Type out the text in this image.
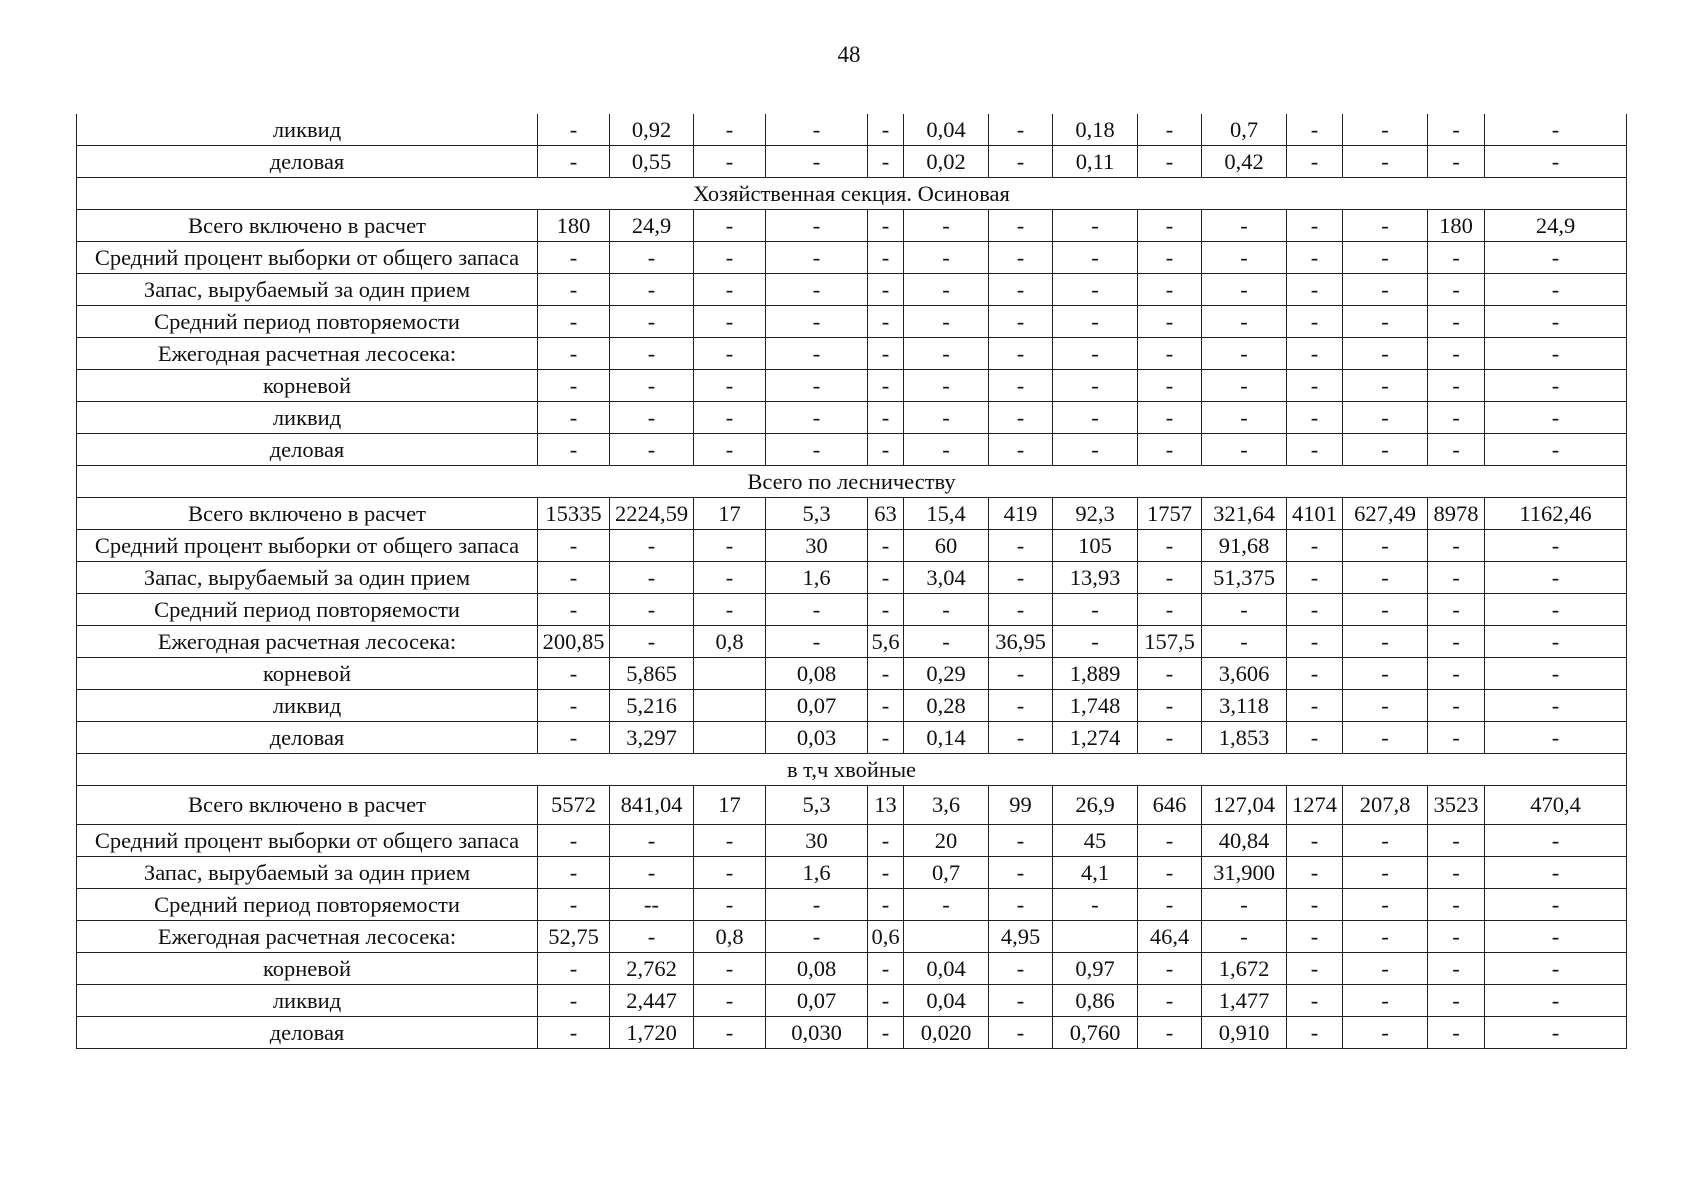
48
ликвид	-	0,92	-	-	-	0,04	-	0,18	-	0,7	-	-	-	-
деловая	-	0,55	-	-	-	0,02	-	0,11	-	0,42	-	-	-	-
Хозяйственная секция. Осиновая														
Всего включено в расчет	180	24,9	-	-	-	-	-	-	-	-	-	-	180	24,9
Средний процент выборки от общего запаса	-	-	-	-	-	-	-	-	-	-	-	-	-	-
Запас, вырубаемый за один прием	-	-	-	-	-	-	-	-	-	-	-	-	-	-
Средний период повторяемости	-	-	-	-	-	-	-	-	-	-	-	-	-	-
Ежегодная расчетная лесосека:	-	-	-	-	-	-	-	-	-	-	-	-	-	-
корневой	-	-	-	-	-	-	-	-	-	-	-	-	-	-
ликвид	-	-	-	-	-	-	-	-	-	-	-	-	-	-
деловая	-	-	-	-	-	-	-	-	-	-	-	-	-	-
Всего по лесничеству														
Всего включено в расчет	15335	2224,59	17	5,3	63	15,4	419	92,3	1757	321,64	4101	627,49	8978	1162,46
Средний процент выборки от общего запаса	-	-	-	30	-	60	-	105	-	91,68	-	-	-	-
Запас, вырубаемый за один прием	-	-	-	1,6	-	3,04	-	13,93	-	51,375	-	-	-	-
Средний период повторяемости	-	-	-	-	-	-	-	-	-	-	-	-	-	-
Ежегодная расчетная лесосека:	200,85	-	0,8	-	5,6	-	36,95	-	157,5	-	-	-	-	-
корневой	-	5,865		0,08	-	0,29	-	1,889	-	3,606	-	-	-	-
ликвид	-	5,216		0,07	-	0,28	-	1,748	-	3,118	-	-	-	-
деловая	-	3,297		0,03	-	0,14	-	1,274	-	1,853	-	-	-	-
в т,ч хвойные														
Всего включено в расчет	5572	841,04	17	5,3	13	3,6	99	26,9	646	127,04	1274	207,8	3523	470,4
Средний процент выборки от общего запаса	-	-	-	30	-	20	-	45	-	40,84	-	-	-	-
Запас, вырубаемый за один прием	-	-	-	1,6	-	0,7	-	4,1	-	31,900	-	-	-	-
Средний период повторяемости	-	--	-	-	-	-	-	-	-	-	-	-	-	-
Ежегодная расчетная лесосека:	52,75	-	0,8	-	0,6		4,95		46,4	-	-	-	-	-
корневой	-	2,762	-	0,08	-	0,04	-	0,97	-	1,672	-	-	-	-
ликвид	-	2,447	-	0,07	-	0,04	-	0,86	-	1,477	-	-	-	-
деловая	-	1,720	-	0,030	-	0,020	-	0,760	-	0,910	-	-	-	-
